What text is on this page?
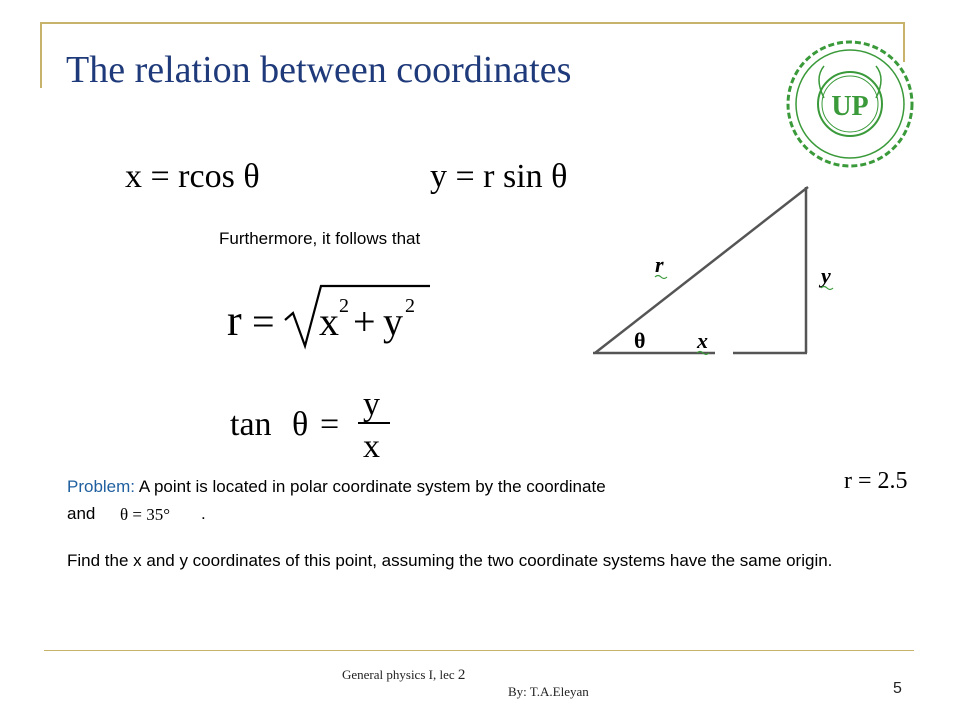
The relation between coordinates
UP
x = rcos θ	y = r sin θ
Furthermore, it follows that
r = x 2 + y 2
tan θ =
y
x
r	y
θ x
Problem: A point is located in polar coordinate system by the coordinate	r = 2.5
and θ = 35° .
Find the x and y coordinates of this point, assuming the two coordinate systems have the same origin.
General physics I, lec 2
By: T.A.Eleyan	5
